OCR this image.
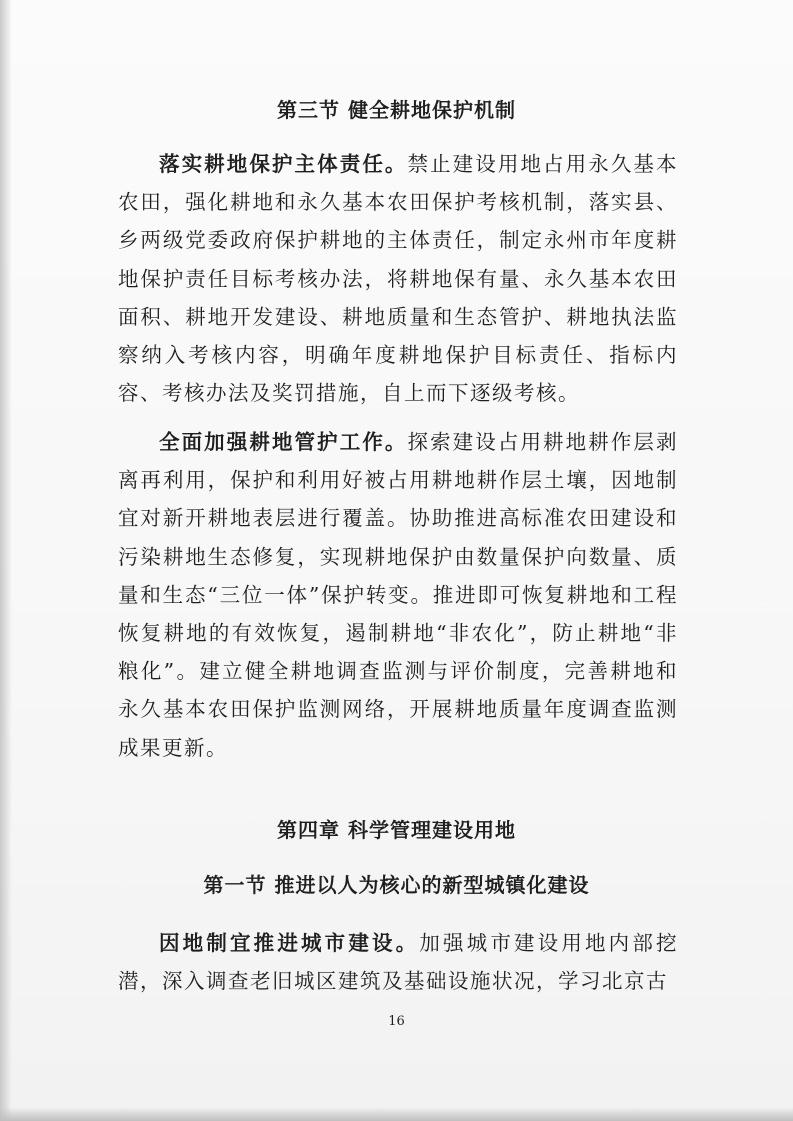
第三节 健全耕地保护机制
落实耕地保护主体责任。禁止建设用地占用永久基本农田，强化耕地和永久基本农田保护考核机制，落实县、乡两级党委政府保护耕地的主体责任，制定永州市年度耕地保护责任目标考核办法，将耕地保有量、永久基本农田面积、耕地开发建设、耕地质量和生态管护、耕地执法监察纳入考核内容，明确年度耕地保护目标责任、指标内容、考核办法及奖罚措施，自上而下逐级考核。
全面加强耕地管护工作。探索建设占用耕地耕作层剥离再利用，保护和利用好被占用耕地耕作层土壤，因地制宜对新开耕地表层进行覆盖。协助推进高标准农田建设和污染耕地生态修复，实现耕地保护由数量保护向数量、质量和生态“三位一体”保护转变。推进即可恢复耕地和工程恢复耕地的有效恢复，遏制耕地“非农化”，防止耕地“非粮化”。建立健全耕地调查监测与评价制度，完善耕地和永久基本农田保护监测网络，开展耕地质量年度调查监测成果更新。
第四章 科学管理建设用地
第一节 推进以人为核心的新型城镇化建设
因地制宜推进城市建设。加强城市建设用地内部挖潜，深入调查老旧城区建筑及基础设施状况，学习北京古
16
